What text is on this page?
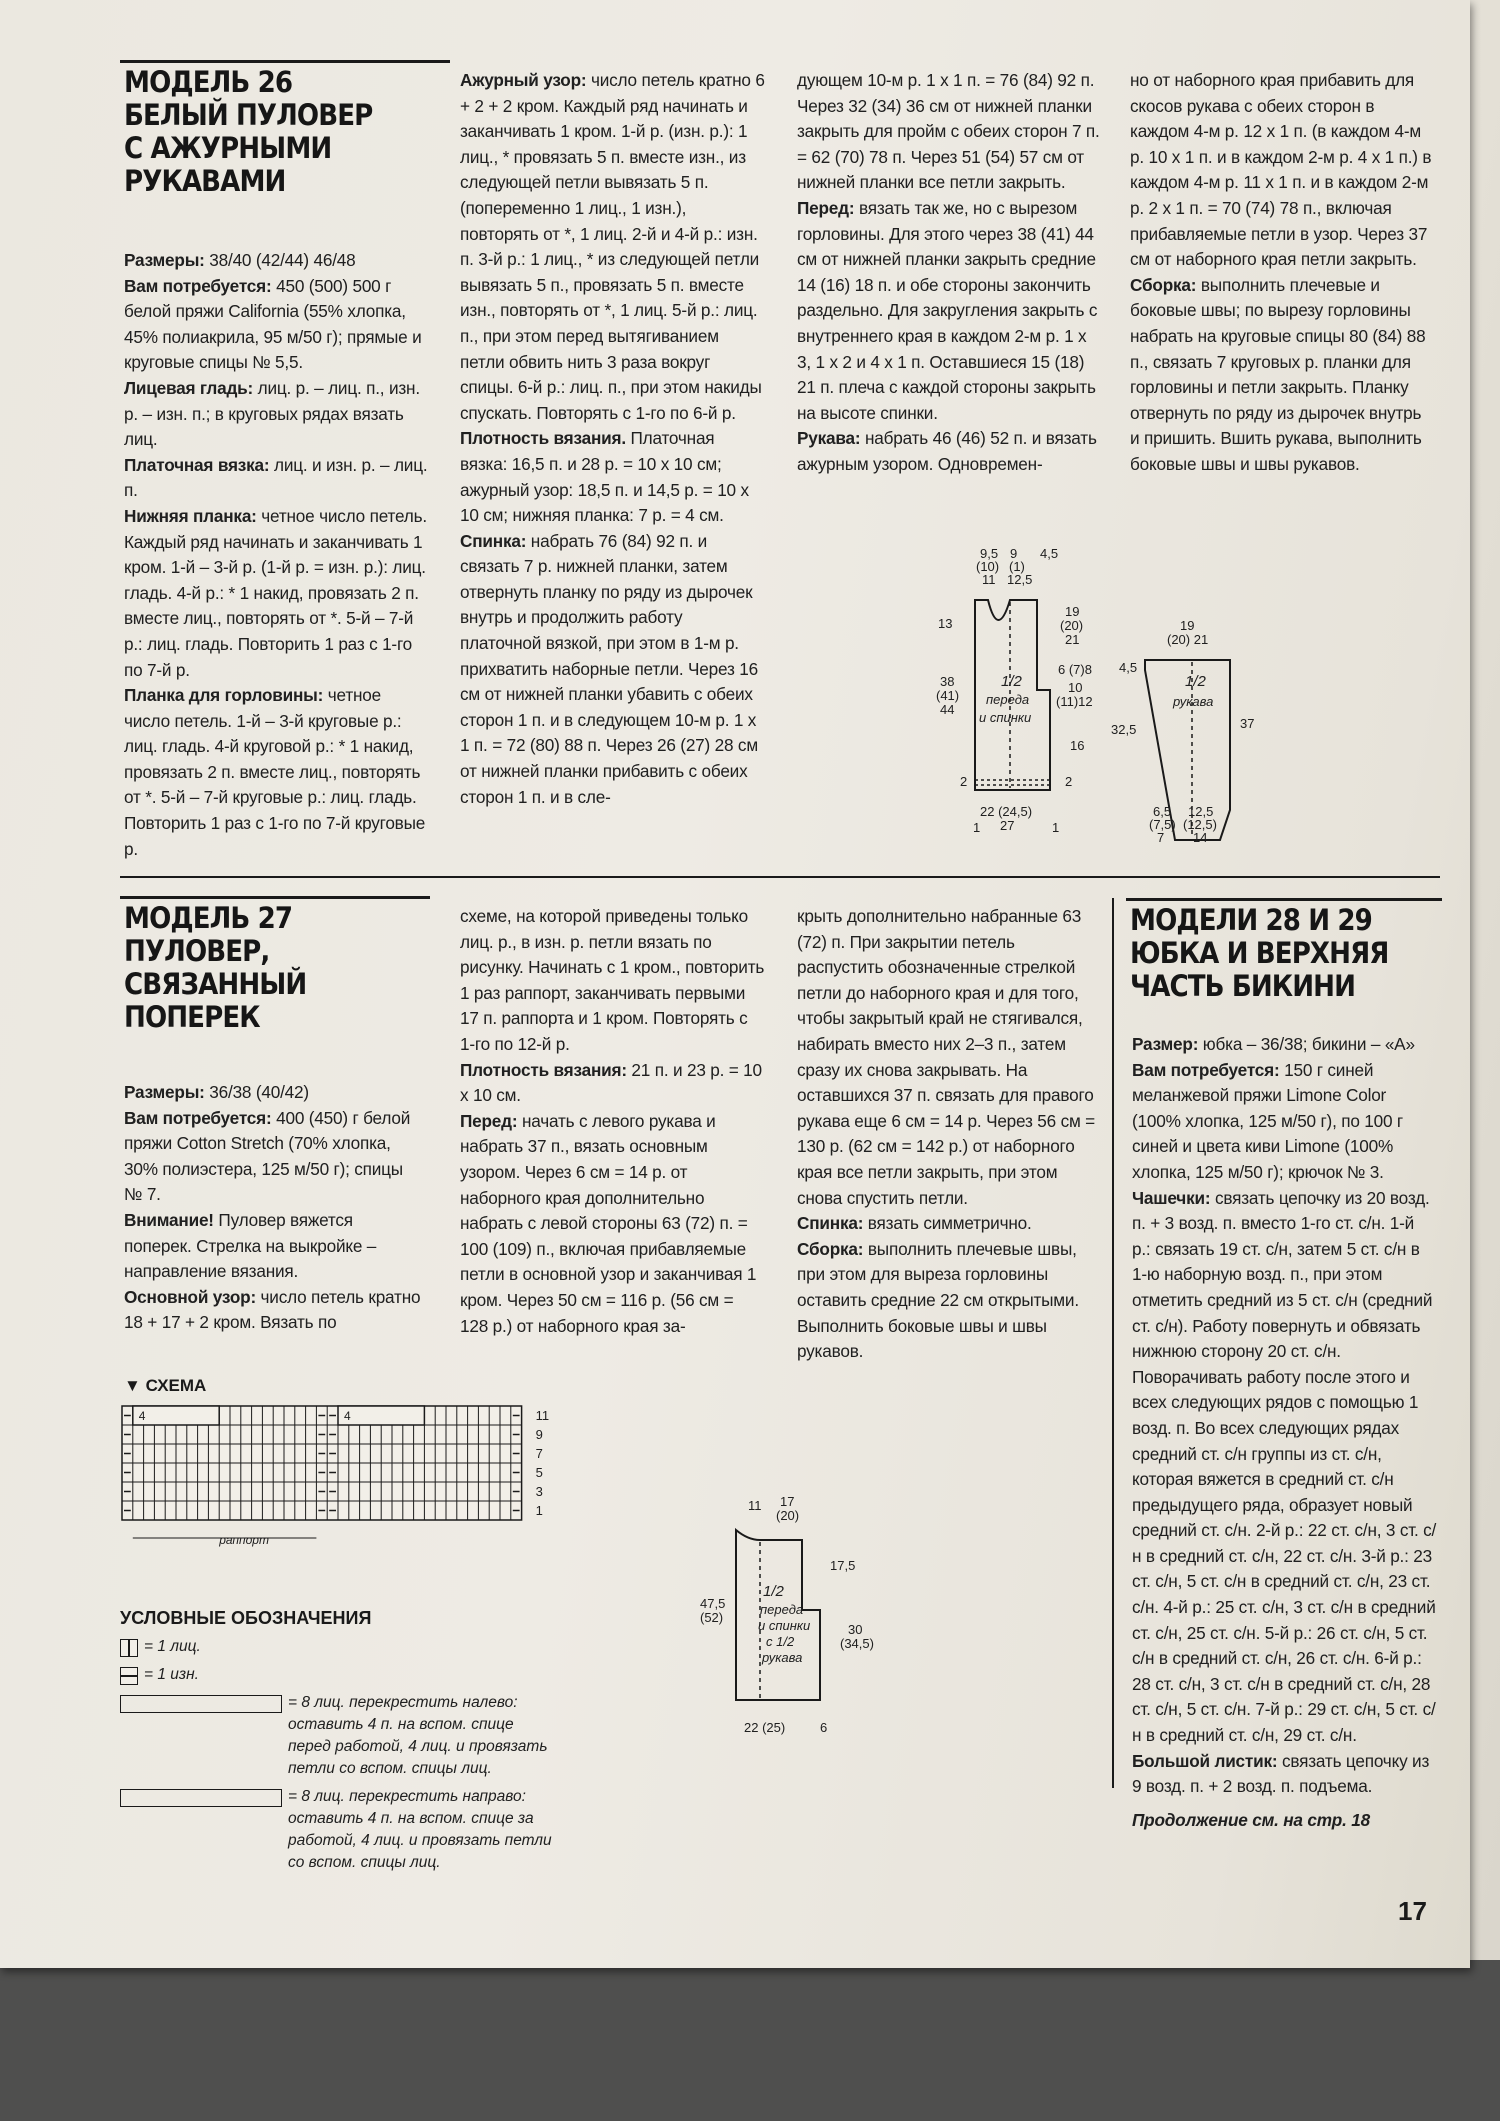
МОДЕЛЬ 26
БЕЛЫЙ ПУЛОВЕР
С АЖУРНЫМИ
РУКАВАМИ

Размеры: 38/40 (42/44) 46/48

Вам потребуется: 450 (500) 500 г белой пряжи California (55% хлопка, 45% полиакрила, 95 м/50 г); прямые и круговые спицы № 5,5.

Лицевая гладь: лиц. р. – лиц. п., изн. р. – изн. п.; в круговых рядах вязать лиц.

Платочная вязка: лиц. и изн. р. – лиц. п.

Нижняя планка: четное число петель. Каждый ряд начинать и заканчивать 1 кром. 1-й – 3-й р. (1-й р. = изн. р.): лиц. гладь. 4-й р.: * 1 накид, провязать 2 п. вместе лиц., повторять от *. 5-й – 7-й р.: лиц. гладь. Повторить 1 раз с 1-го по 7-й р.

Планка для горловины: четное число петель. 1-й – 3-й круговые р.: лиц. гладь. 4-й круговой р.: * 1 накид, провязать 2 п. вместе лиц., повторять от *. 5-й – 7-й круговые р.: лиц. гладь. Повторить 1 раз с 1-го по 7-й круговые р.

Ажурный узор: число петель кратно 6 + 2 + 2 кром. Каждый ряд начинать и заканчивать 1 кром. 1-й р. (изн. р.): 1 лиц., * провязать 5 п. вместе изн., из следующей петли вывязать 5 п. (попеременно 1 лиц., 1 изн.), повторять от *, 1 лиц. 2-й и 4-й р.: изн. п. 3-й р.: 1 лиц., * из следующей петли вывязать 5 п., провязать 5 п. вместе изн., повторять от *, 1 лиц. 5-й р.: лиц. п., при этом перед вытягиванием петли обвить нить 3 раза вокруг спицы. 6-й р.: лиц. п., при этом накиды спускать. Повторять с 1-го по 6-й р.

Плотность вязания. Платочная вязка: 16,5 п. и 28 р. = 10 x 10 см; ажурный узор: 18,5 п. и 14,5 р. = 10 x 10 см; нижняя планка: 7 р. = 4 см.

Спинка: набрать 76 (84) 92 п. и связать 7 р. нижней планки, затем отвернуть планку по ряду из дырочек внутрь и продолжить работу платочной вязкой, при этом в 1-м р. прихватить наборные петли. Через 16 см от нижней планки убавить с обеих сторон 1 п. и в следующем 10-м р. 1 x 1 п. = 72 (80) 88 п. Через 26 (27) 28 см от нижней планки прибавить с обеих сторон 1 п. и в сле-

дующем 10-м р. 1 x 1 п. = 76 (84) 92 п. Через 32 (34) 36 см от нижней планки закрыть для пройм с обеих сторон 7 п. = 62 (70) 78 п. Через 51 (54) 57 см от нижней планки все петли закрыть.

Перед: вязать так же, но с вырезом горловины. Для этого через 38 (41) 44 см от нижней планки закрыть средние 14 (16) 18 п. и обе стороны закончить раздельно. Для закругления закрыть с внутреннего края в каждом 2-м р. 1 x 3, 1 x 2 и 4 x 1 п. Оставшиеся 15 (18) 21 п. плеча с каждой стороны закрыть на высоте спинки.

Рукава: набрать 46 (46) 52 п. и вязать ажурным узором. Одновремен-

но от наборного края прибавить для скосов рукава с обеих сторон в каждом 4-м р. 12 x 1 п. (в каждом 4-м р. 10 x 1 п. и в каждом 2-м р. 4 x 1 п.) в каждом 4-м р. 11 x 1 п. и в каждом 2-м р. 2 x 1 п. = 70 (74) 78 п., включая прибавляемые петли в узор. Через 37 см от наборного края петли закрыть.

Сборка: выполнить плечевые и боковые швы; по вырезу горловины набрать на круговые спицы 80 (84) 88 п., связать 7 круговых р. планки для горловины и петли закрыть. Планку отвернуть по ряду из дырочек внутрь и пришить. Вшить рукава, выполнить боковые швы и швы рукавов.

9,5
(10)
11
9
(1)
12,5
4,5
13
19
(20)
21
38
(41)
44
1/2
переда
и спинки
6 (7)8
10
(11)12
16
2	2
22 (24,5)
27
1	1
19
(20) 21
4,5
1/2
рукава
32,5	37
6,5
(7,5)
7
12,5
(12,5)
14
МОДЕЛЬ 27
ПУЛОВЕР,
СВЯЗАННЫЙ
ПОПЕРЕК

Размеры: 36/38 (40/42)

Вам потребуется: 400 (450) г белой пряжи Cotton Stretch (70% хлопка, 30% полиэстера, 125 м/50 г); спицы № 7.

Внимание! Пуловер вяжется поперек. Стрелка на выкройке – направление вязания.

Основной узор: число петель кратно 18 + 17 + 2 кром. Вязать по

схеме, на которой приведены только лиц. р., в изн. р. петли вязать по рисунку. Начинать с 1 кром., повторить 1 раз раппорт, заканчивать первыми 17 п. раппорта и 1 кром. Повторять с 1-го по 12-й р.

Плотность вязания: 21 п. и 23 р. = 10 x 10 см.

Перед: начать с левого рукава и набрать 37 п., вязать основным узором. Через 6 см = 14 р. от наборного края дополнительно набрать с левой стороны 63 (72) п. = 100 (109) п., включая прибавляемые петли в основной узор и заканчивая 1 кром. Через 50 см = 116 р. (56 см = 128 р.) от наборного края за-

крыть дополнительно набранные 63 (72) п. При закрытии петель распустить обозначенные стрелкой петли до наборного края и для того, чтобы закрытый край не стягивался, набирать вместо них 2–3 п., затем сразу их снова закрывать. На оставшихся 37 п. связать для правого рукава еще 6 см = 14 р. Через 56 см = 130 р. (62 см = 142 р.) от наборного края все петли закрыть, при этом снова спустить петли.

Спинка: вязать симметрично.

Сборка: выполнить плечевые швы, при этом для выреза горловины оставить средние 22 см открытыми. Выполнить боковые швы и швы рукавов.

▼ СХЕМА
4	4	11
9
7
5
3
1
раппорт
УСЛОВНЫЕ ОБОЗНАЧЕНИЯ
= 1 лиц.
= 1 изн.
= 8 лиц. перекрестить налево: оставить 4 п. на вспом. спице перед работой, 4 лиц. и провязать петли со вспом. спицы лиц.
= 8 лиц. перекрестить направо: оставить 4 п. на вспом. спице за работой, 4 лиц. и провязать петли со вспом. спицы лиц.
11 17
(20)
17,5
47,5
(52)
1/2
переда
и спинки
с 1/2
рукава
30
(34,5)
22 (25)	6
МОДЕЛИ 28 И 29
ЮБКА И ВЕРХНЯЯ
ЧАСТЬ БИКИНИ

Размер: юбка – 36/38; бикини – «А»

Вам потребуется: 150 г синей меланжевой пряжи Limone Color (100% хлопка, 125 м/50 г), по 100 г синей и цвета киви Limone (100% хлопка, 125 м/50 г); крючок № 3.

Чашечки: связать цепочку из 20 возд. п. + 3 возд. п. вместо 1-го ст. с/н. 1-й р.: связать 19 ст. с/н, затем 5 ст. с/н в 1-ю наборную возд. п., при этом отметить средний из 5 ст. с/н (средний ст. с/н). Работу повернуть и обвязать нижнюю сторону 20 ст. с/н. Поворачивать работу после этого и всех следующих рядов с помощью 1 возд. п. Во всех следующих рядах средний ст. с/н группы из ст. с/н, которая вяжется в средний ст. с/н предыдущего ряда, образует новый средний ст. с/н. 2-й р.: 22 ст. с/н, 3 ст. с/н в средний ст. с/н, 22 ст. с/н. 3-й р.: 23 ст. с/н, 5 ст. с/н в средний ст. с/н, 23 ст. с/н. 4-й р.: 25 ст. с/н, 3 ст. с/н в средний ст. с/н, 25 ст. с/н. 5-й р.: 26 ст. с/н, 5 ст. с/н в средний ст. с/н, 26 ст. с/н. 6-й р.: 28 ст. с/н, 3 ст. с/н в средний ст. с/н, 28 ст. с/н, 5 ст. с/н. 7-й р.: 29 ст. с/н, 5 ст. с/н в средний ст. с/н, 29 ст. с/н.

Большой листик: связать цепочку из 9 возд. п. + 2 возд. п. подъема.

Продолжение см. на стр. 18
17
